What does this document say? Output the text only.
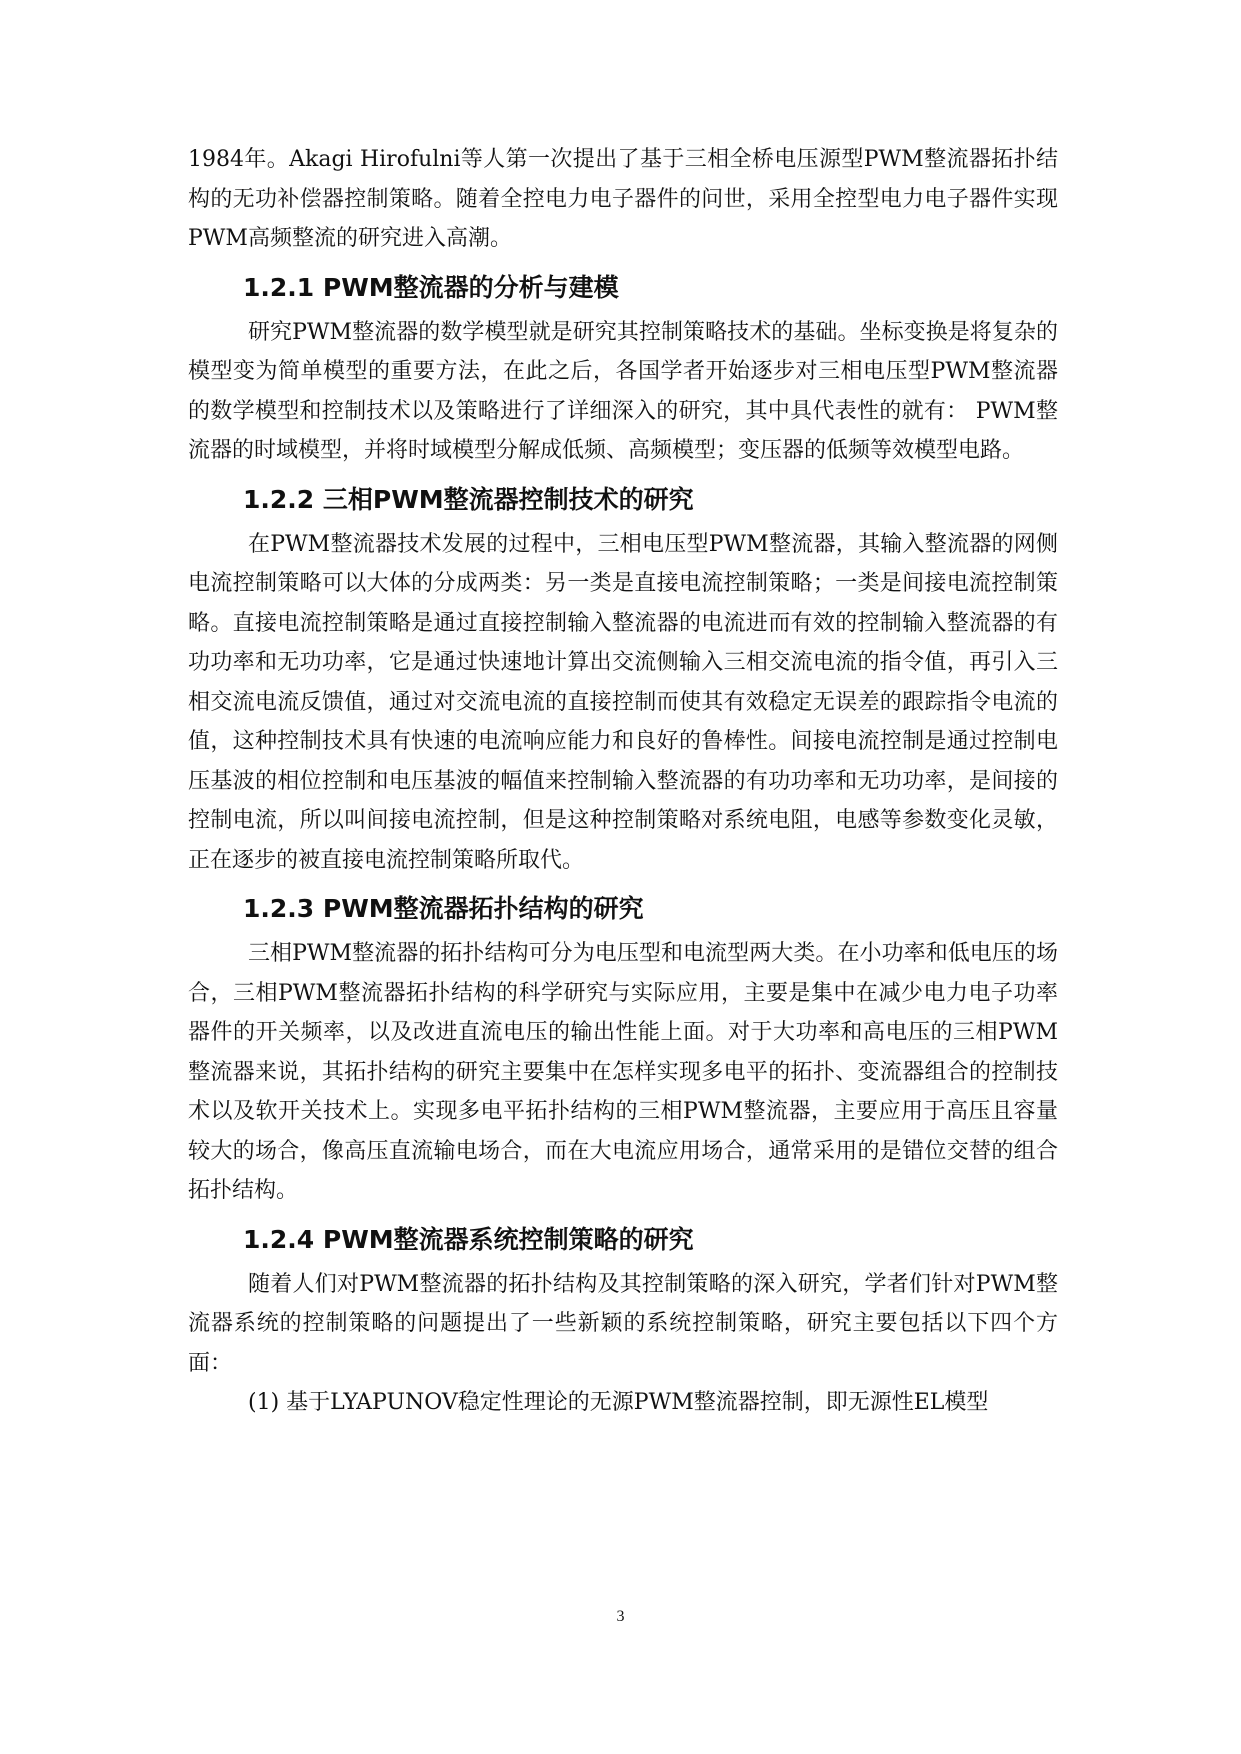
1984年。Akagi Hirofulni等人第一次提出了基于三相全桥电压源型PWM整流器拓扑结构的无功补偿器控制策略。随着全控电力电子器件的问世，采用全控型电力电子器件实现PWM高频整流的研究进入高潮。

1.2.1 PWM整流器的分析与建模

研究PWM整流器的数学模型就是研究其控制策略技术的基础。坐标变换是将复杂的模型变为简单模型的重要方法，在此之后，各国学者开始逐步对三相电压型PWM整流器的数学模型和控制技术以及策略进行了详细深入的研究，其中具代表性的就有： PWM整流器的时域模型，并将时域模型分解成低频、高频模型；变压器的低频等效模型电路。

1.2.2 三相PWM整流器控制技术的研究

在PWM整流器技术发展的过程中，三相电压型PWM整流器，其输入整流器的网侧电流控制策略可以大体的分成两类：另一类是直接电流控制策略；一类是间接电流控制策略。直接电流控制策略是通过直接控制输入整流器的电流进而有效的控制输入整流器的有功功率和无功功率，它是通过快速地计算出交流侧输入三相交流电流的指令值，再引入三相交流电流反馈值，通过对交流电流的直接控制而使其有效稳定无误差的跟踪指令电流的值，这种控制技术具有快速的电流响应能力和良好的鲁棒性。间接电流控制是通过控制电压基波的相位控制和电压基波的幅值来控制输入整流器的有功功率和无功功率，是间接的控制电流，所以叫间接电流控制，但是这种控制策略对系统电阻，电感等参数变化灵敏，正在逐步的被直接电流控制策略所取代。

1.2.3 PWM整流器拓扑结构的研究

三相PWM整流器的拓扑结构可分为电压型和电流型两大类。在小功率和低电压的场合，三相PWM整流器拓扑结构的科学研究与实际应用，主要是集中在减少电力电子功率器件的开关频率，以及改进直流电压的输出性能上面。对于大功率和高电压的三相PWM整流器来说，其拓扑结构的研究主要集中在怎样实现多电平的拓扑、变流器组合的控制技术以及软开关技术上。实现多电平拓扑结构的三相PWM整流器，主要应用于高压且容量较大的场合，像高压直流输电场合，而在大电流应用场合，通常采用的是错位交替的组合拓扑结构。

1.2.4 PWM整流器系统控制策略的研究

随着人们对PWM整流器的拓扑结构及其控制策略的深入研究，学者们针对PWM整流器系统的控制策略的问题提出了一些新颖的系统控制策略，研究主要包括以下四个方面：

(1) 基于LYAPUNOV稳定性理论的无源PWM整流器控制，即无源性EL模型

3
